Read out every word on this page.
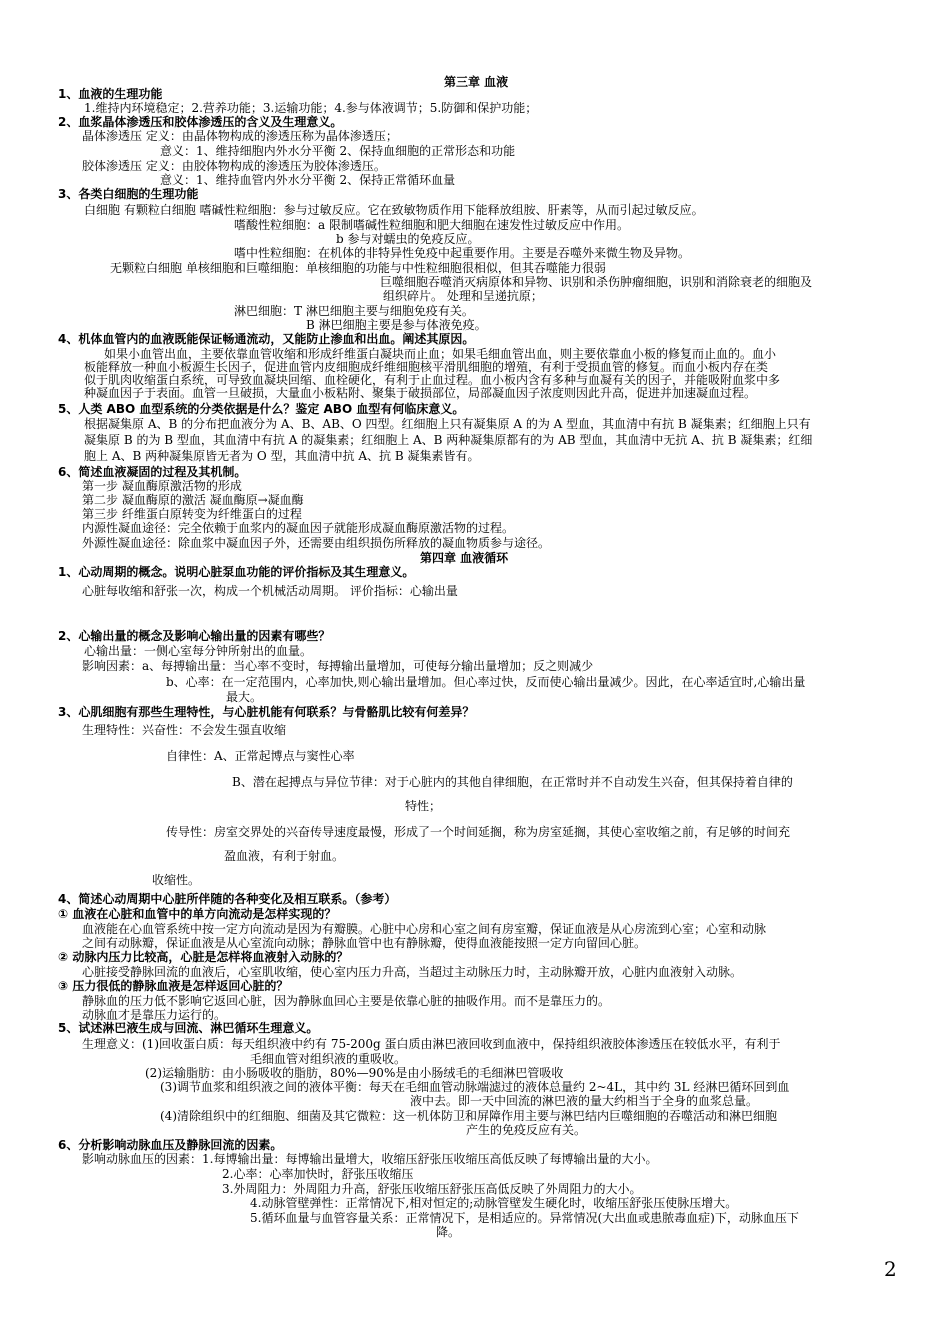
第三章 血液
1、血液的生理功能
1.维持内环境稳定；2.营养功能；3.运输功能；4.参与体液调节；5.防御和保护功能；
2、血浆晶体渗透压和胶体渗透压的含义及生理意义。
晶体渗透压 定义：由晶体物构成的渗透压称为晶体渗透压；
意义：1、维持细胞内外水分平衡 2、保持血细胞的正常形态和功能
胶体渗透压 定义：由胶体物构成的渗透压为胶体渗透压。
意义：1、维持血管内外水分平衡 2、保持正常循环血量
3、各类白细胞的生理功能
白细胞 有颗粒白细胞 嗜碱性粒细胞：参与过敏反应。它在致敏物质作用下能释放组胺、肝素等，从而引起过敏反应。
嗜酸性粒细胞：a 限制嗜碱性粒细胞和肥大细胞在速发性过敏反应中作用。
b 参与对蠕虫的免疫反应。
嗜中性粒细胞：在机体的非特异性免疫中起重要作用。主要是吞噬外来微生物及异物。
无颗粒白细胞 单核细胞和巨噬细胞：单核细胞的功能与中性粒细胞很相似，但其吞噬能力很弱
巨噬细胞吞噬消灭病原体和异物、识别和杀伤肿瘤细胞，识别和消除衰老的细胞及
组织碎片。 处理和呈递抗原；
淋巴细胞：T 淋巴细胞主要与细胞免疫有关。
B 淋巴细胞主要是参与体液免疫。
4、机体血管内的血液既能保证畅通流动，又能防止渗血和出血。阐述其原因。
如果小血管出血，主要依靠血管收缩和形成纤维蛋白凝块而止血；如果毛细血管出血，则主要依靠血小板的修复而止血的。血小
板能释放一种血小板源生长因子，促进血管内皮细胞成纤维细胞核平滑肌细胞的增殖，有利于受损血管的修复。而血小板内存在类
似于肌肉收缩蛋白系统，可导致血凝块回缩、血栓硬化，有利于止血过程。血小板内含有多种与血凝有关的因子，并能吸附血浆中多
种凝血因子于表面。血管一旦破损，大量血小板粘附、聚集于破损部位，局部凝血因子浓度则因此升高，促进并加速凝血过程。
5、人类 ABO 血型系统的分类依据是什么？鉴定 ABO 血型有何临床意义。
根据凝集原 A、B 的分布把血液分为 A、B、AB、O 四型。红细胞上只有凝集原 A 的为 A 型血，其血清中有抗 B 凝集素；红细胞上只有
凝集原 B 的为 B 型血，其血清中有抗 A 的凝集素；红细胞上 A、B 两种凝集原都有的为 AB 型血，其血清中无抗 A、抗 B 凝集素；红细
胞上 A、B 两种凝集原皆无者为 O 型，其血清中抗 A、抗 B 凝集素皆有。
6、简述血液凝固的过程及其机制。
第一步 凝血酶原激活物的形成
第二步 凝血酶原的激活 凝血酶原→凝血酶
第三步 纤维蛋白原转变为纤维蛋白的过程
内源性凝血途径：完全依赖于血浆内的凝血因子就能形成凝血酶原激活物的过程。
外源性凝血途径：除血浆中凝血因子外，还需要由组织损伤所释放的凝血物质参与途径。
第四章 血液循环
1、心动周期的概念。说明心脏泵血功能的评价指标及其生理意义。
心脏每收缩和舒张一次，构成一个机械活动周期。 评价指标：心输出量
2、心输出量的概念及影响心输出量的因素有哪些？
心输出量：一侧心室每分钟所射出的血量。
影响因素：a、每搏输出量：当心率不变时，每搏输出量增加，可使每分输出量增加；反之则减少
b、心率：在一定范围内，心率加快,则心输出量增加。但心率过快，反而使心输出量减少。因此，在心率适宜时,心输出量
最大。
3、心肌细胞有那些生理特性，与心脏机能有何联系？与骨骼肌比较有何差异？
生理特性：兴奋性：不会发生强直收缩
自律性：A、正常起博点与窦性心率
B、潜在起搏点与异位节律：对于心脏内的其他自律细胞，在正常时并不自动发生兴奋，但其保持着自律的
特性；
传导性：房室交界处的兴奋传导速度最慢，形成了一个时间延搁，称为房室延搁，其使心室收缩之前，有足够的时间充
盈血液，有利于射血。
收缩性。
4、简述心动周期中心脏所伴随的各种变化及相互联系。（参考）
① 血液在心脏和血管中的单方向流动是怎样实现的？
血液能在心血管系统中按一定方向流动是因为有瓣膜。心脏中心房和心室之间有房室瓣，保证血液是从心房流到心室；心室和动脉
之间有动脉瓣，保证血液是从心室流向动脉；静脉血管中也有静脉瓣，使得血液能按照一定方向留回心脏。
② 动脉内压力比较高，心脏是怎样将血液射入动脉的？
心脏接受静脉回流的血液后，心室肌收缩，使心室内压力升高，当超过主动脉压力时，主动脉瓣开放，心脏内血液射入动脉。
③ 压力很低的静脉血液是怎样返回心脏的？
静脉血的压力低不影响它返回心脏，因为静脉血回心主要是依靠心脏的抽吸作用。而不是靠压力的。
动脉血才是靠压力运行的。
5、试述淋巴液生成与回流、淋巴循环生理意义。
生理意义：(1)回收蛋白质：每天组织液中约有 75-200g 蛋白质由淋巴液回收到血液中，保持组织液胶体渗透压在较低水平，有利于
毛细血管对组织液的重吸收。
(2)运输脂肪：由小肠吸收的脂肪，80%—90%是由小肠绒毛的毛细淋巴管吸收
(3)调节血浆和组织液之间的液体平衡：每天在毛细血管动脉端滤过的液体总量约 2~4L，其中约 3L 经淋巴循环回到血
液中去。即一天中回流的淋巴液的量大约相当于全身的血浆总量。
(4)清除组织中的红细胞、细菌及其它微粒：这一机体防卫和屏障作用主要与淋巴结内巨噬细胞的吞噬活动和淋巴细胞
产生的免疫反应有关。
6、分析影响动脉血压及静脉回流的因素。
影响动脉血压的因素：1.每博输出量：每博输出量增大，收缩压舒张压收缩压高低反映了每博输出量的大小。
2.心率：心率加快时，舒张压收缩压
3.外周阻力：外周阻力升高，舒张压收缩压舒张压高低反映了外周阻力的大小。
4.动脉管壁弹性：正常情况下,相对恒定的;动脉管壁发生硬化时，收缩压舒张压使脉压增大。
5.循环血量与血管容量关系：正常情况下，是相适应的。异常情况(大出血或患脓毒血症)下，动脉血压下
降。
2
